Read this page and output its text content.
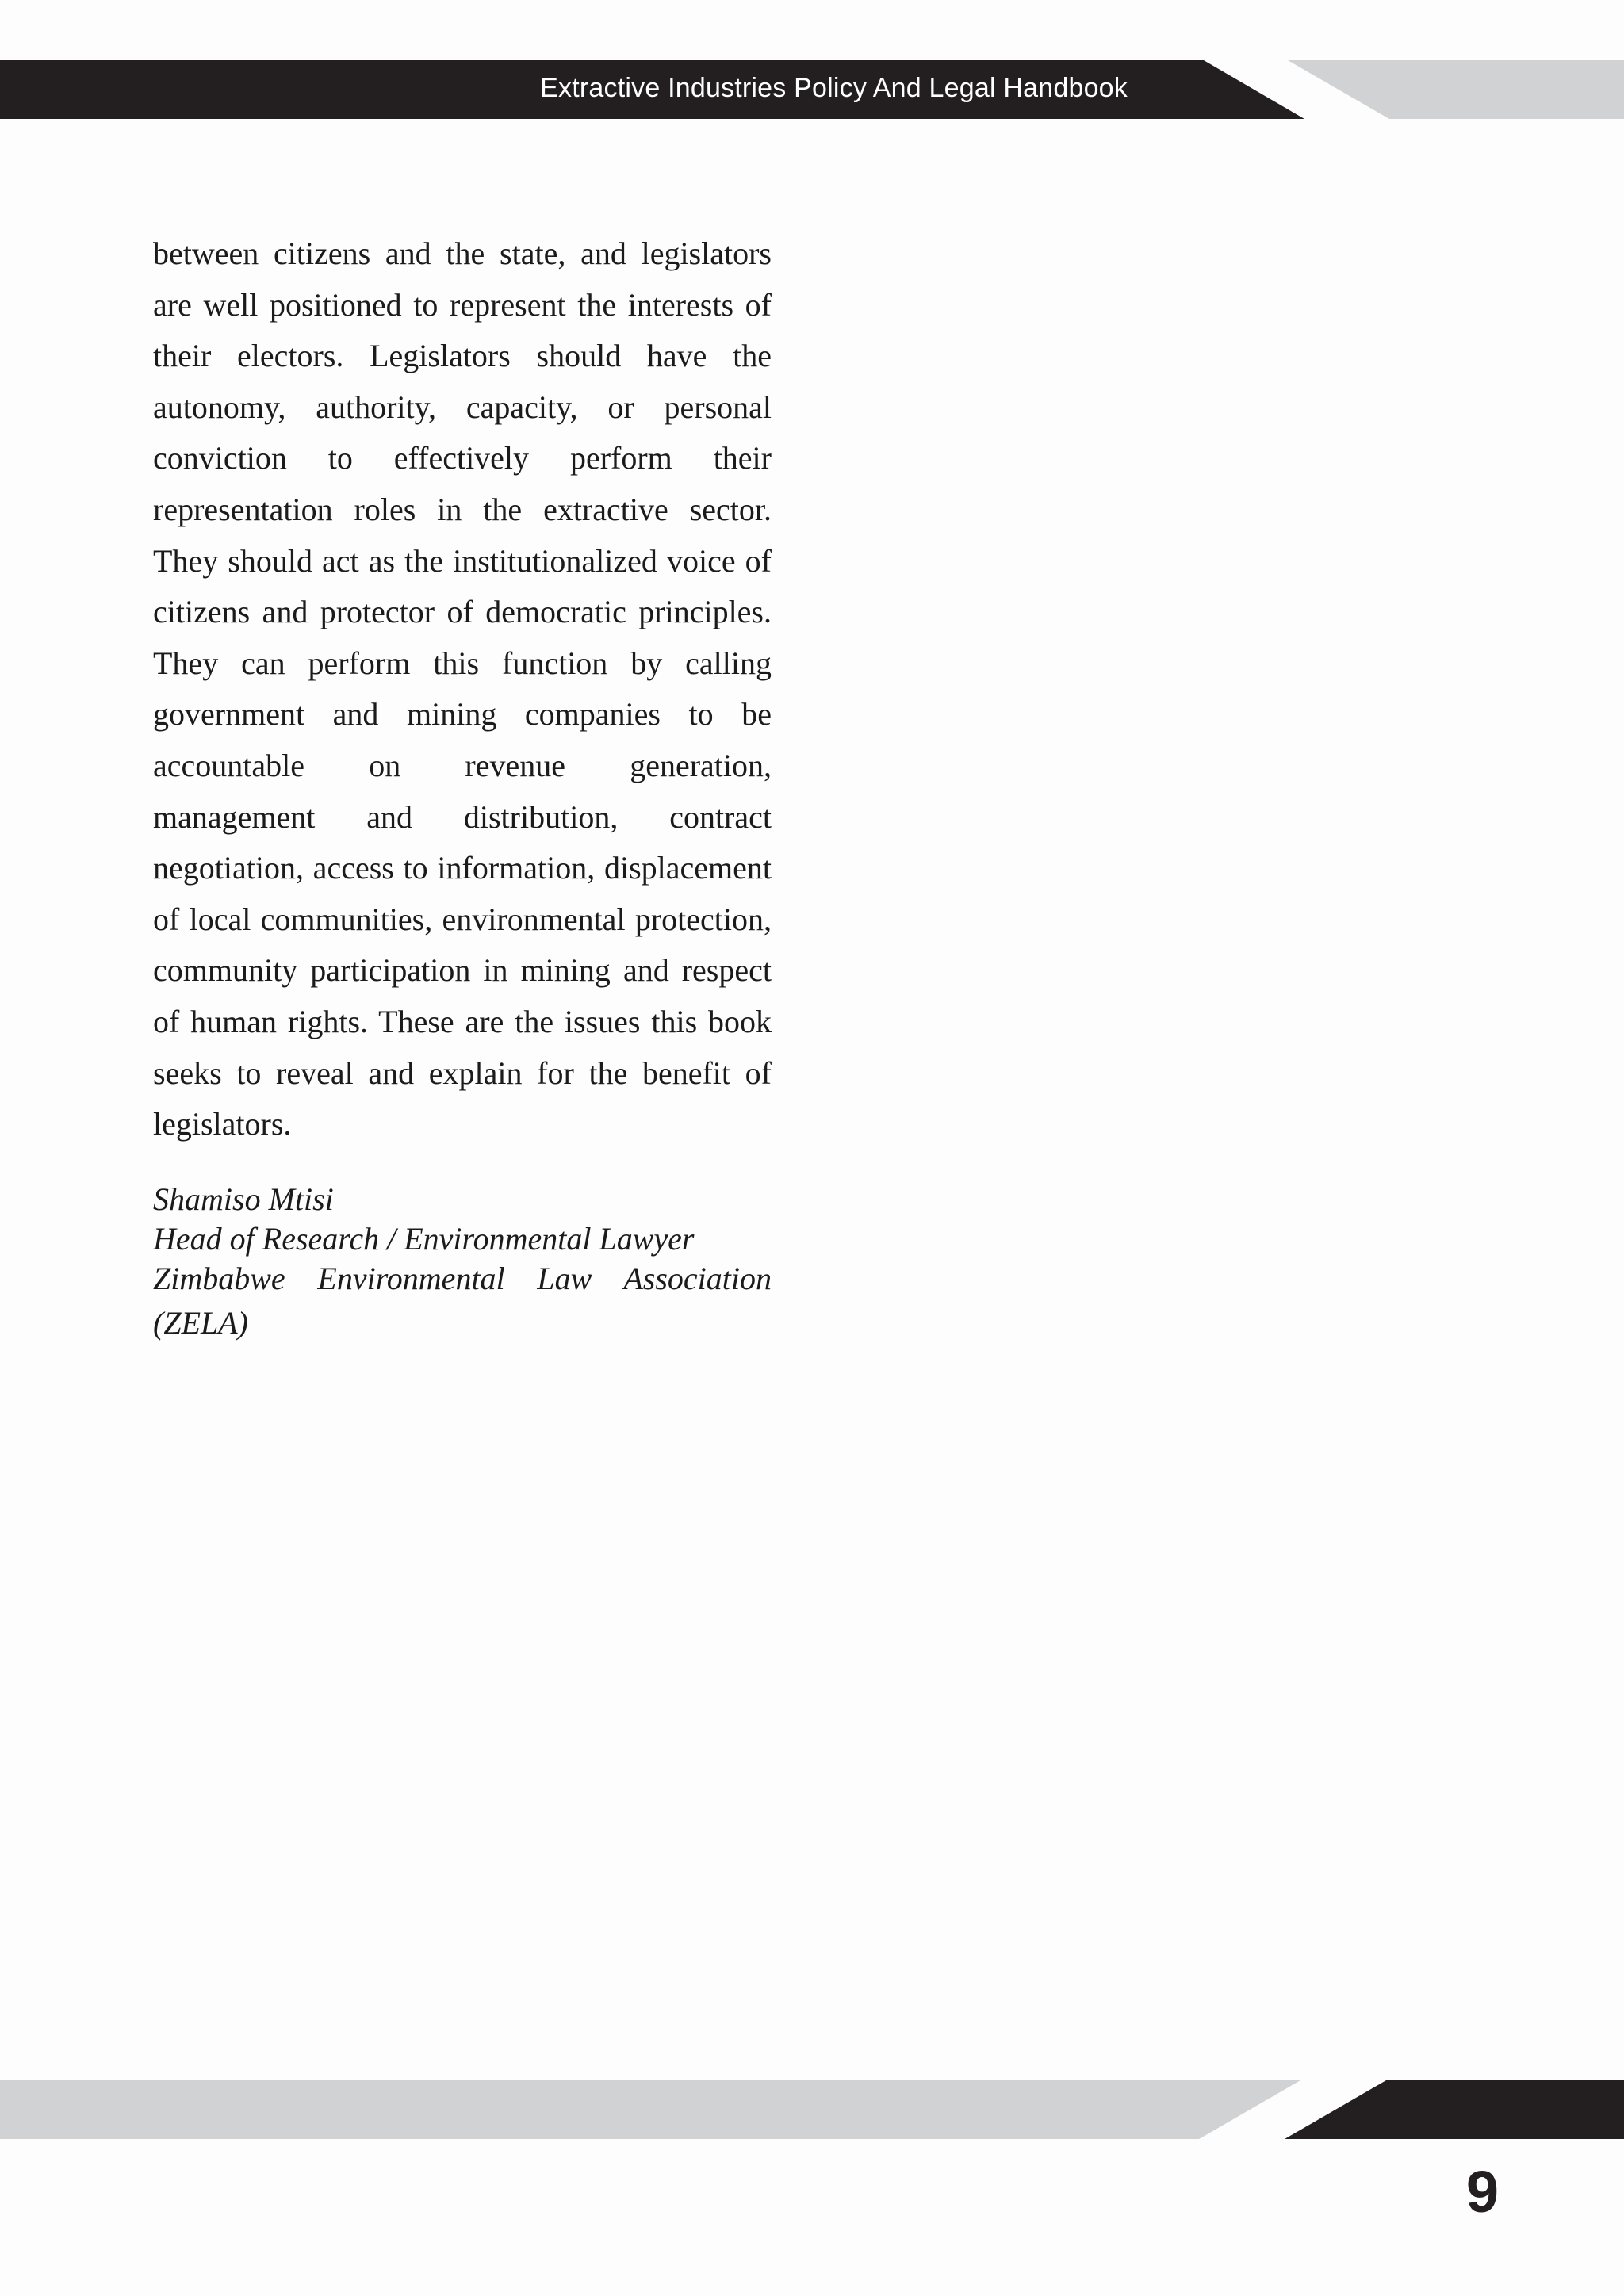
Extractive Industries Policy And Legal Handbook

between citizens and the state, and legislators are well positioned to represent the interests of their electors. Legislators should have the autonomy, authority, capacity, or personal conviction to effectively perform their representation roles in the extractive sector. They should act as the institutionalized voice of citizens and protector of democratic principles. They can perform this function by calling government and mining companies to be accountable on revenue generation, management and distribution, contract negotiation, access to information, displacement of local communities, environmental protection, community participation in mining and respect of human rights. These are the issues this book seeks to reveal and explain for the benefit of legislators.

Shamiso Mtisi
Head of Research / Environmental Lawyer
Zimbabwe Environmental Law Association
(ZELA)
9
